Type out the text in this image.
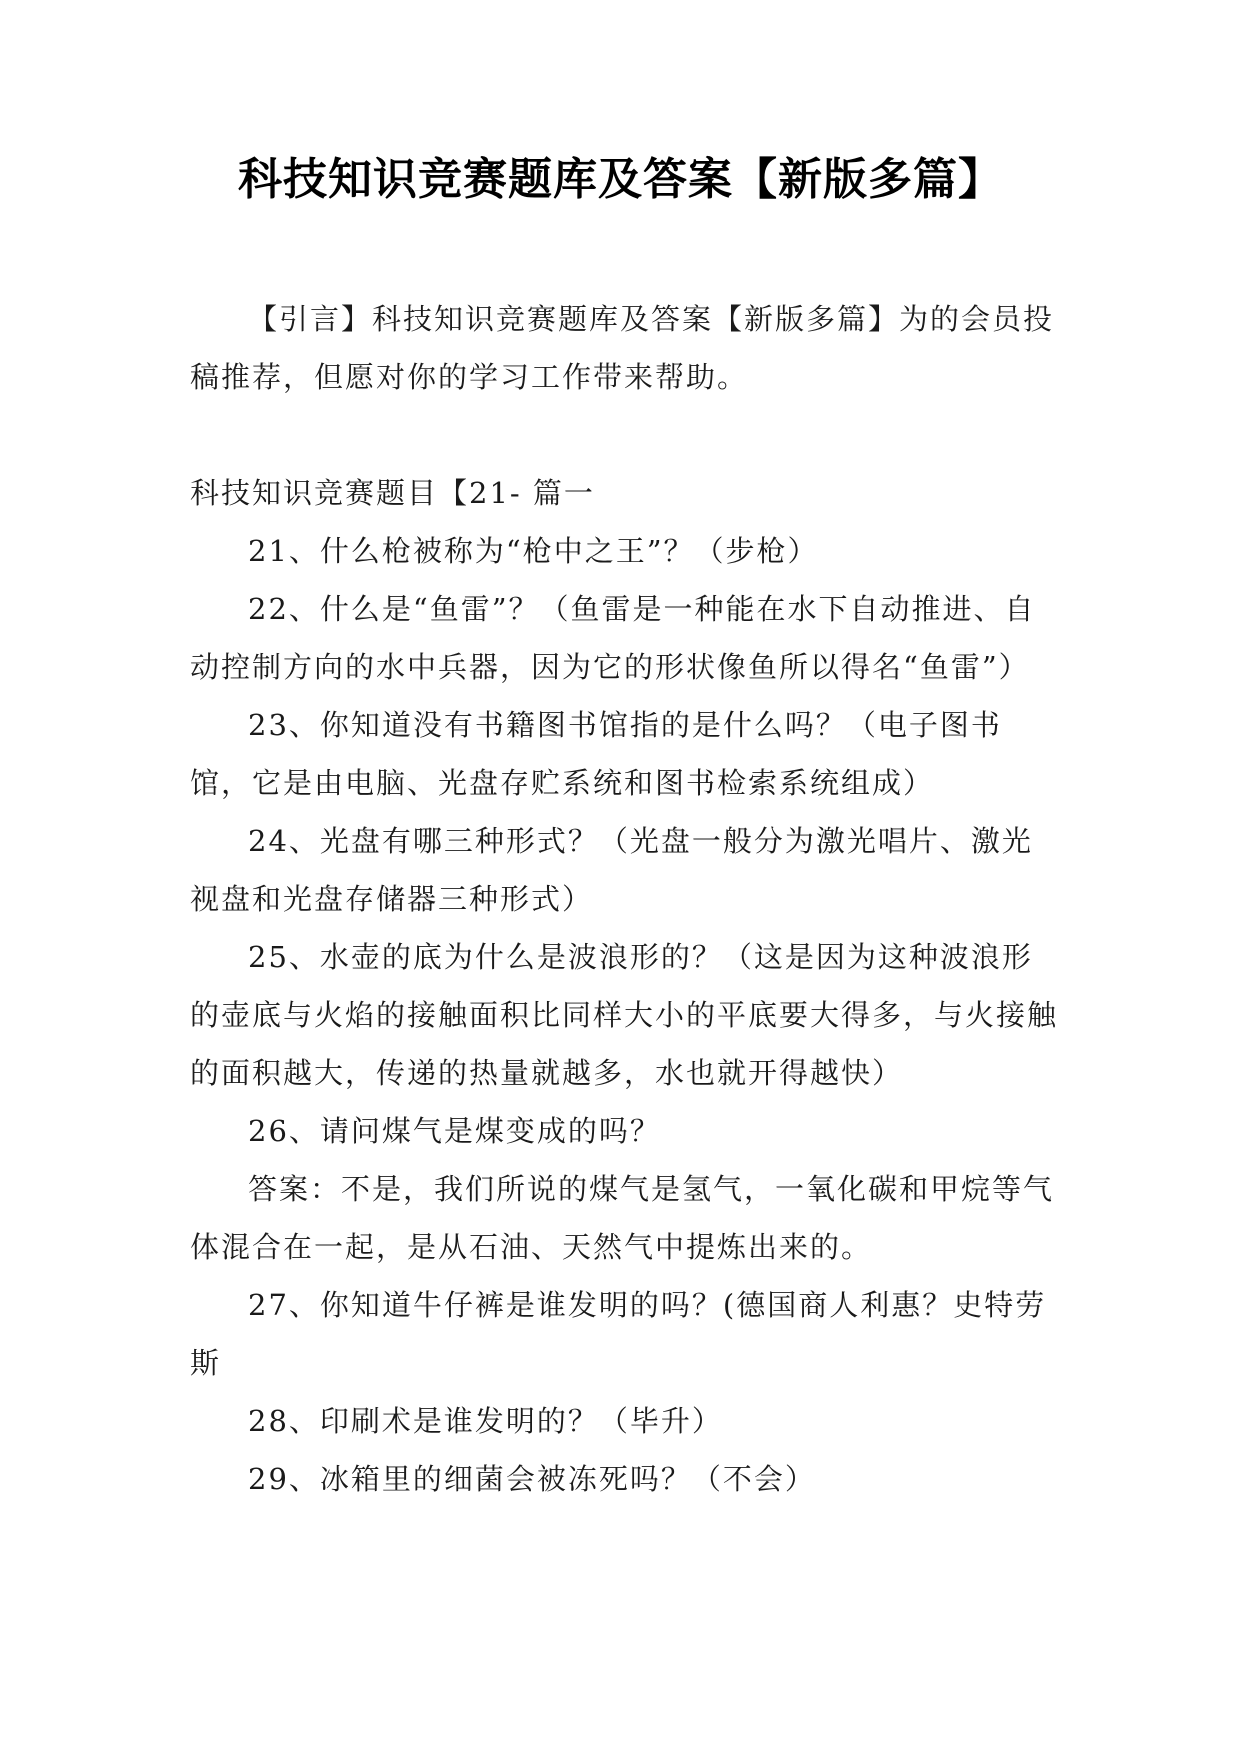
科技知识竞赛题库及答案【新版多篇】

【引言】科技知识竞赛题库及答案【新版多篇】为的会员投稿推荐，但愿对你的学习工作带来帮助。

科技知识竞赛题目【21- 篇一

21、什么枪被称为“枪中之王”？（步枪）

22、什么是“鱼雷”？（鱼雷是一种能在水下自动推进、自动控制方向的水中兵器，因为它的形状像鱼所以得名“鱼雷”）

23、你知道没有书籍图书馆指的是什么吗？（电子图书馆，它是由电脑、光盘存贮系统和图书检索系统组成）

24、光盘有哪三种形式？（光盘一般分为激光唱片、激光视盘和光盘存储器三种形式）

25、水壶的底为什么是波浪形的？（这是因为这种波浪形的壶底与火焰的接触面积比同样大小的平底要大得多，与火接触的面积越大，传递的热量就越多，水也就开得越快）

26、请问煤气是煤变成的吗？

答案：不是，我们所说的煤气是氢气，一氧化碳和甲烷等气体混合在一起，是从石油、天然气中提炼出来的。

27、你知道牛仔裤是谁发明的吗？(德国商人利惠？史特劳斯

28、印刷术是谁发明的？（毕升）

29、冰箱里的细菌会被冻死吗？（不会）
